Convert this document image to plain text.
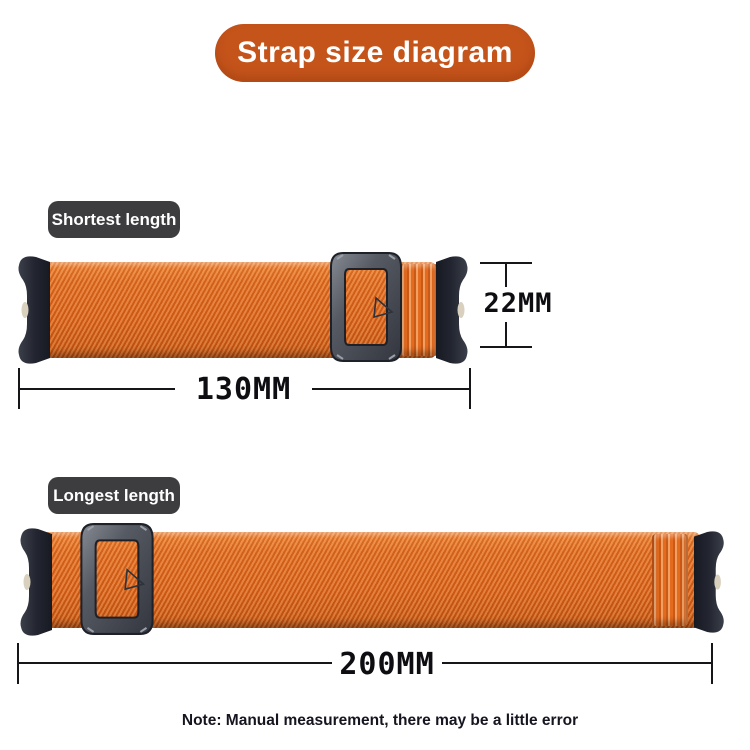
Strap size diagram
Shortest length
22MM
130MM
Longest length
200MM
Note: Manual measurement, there may be a little error
